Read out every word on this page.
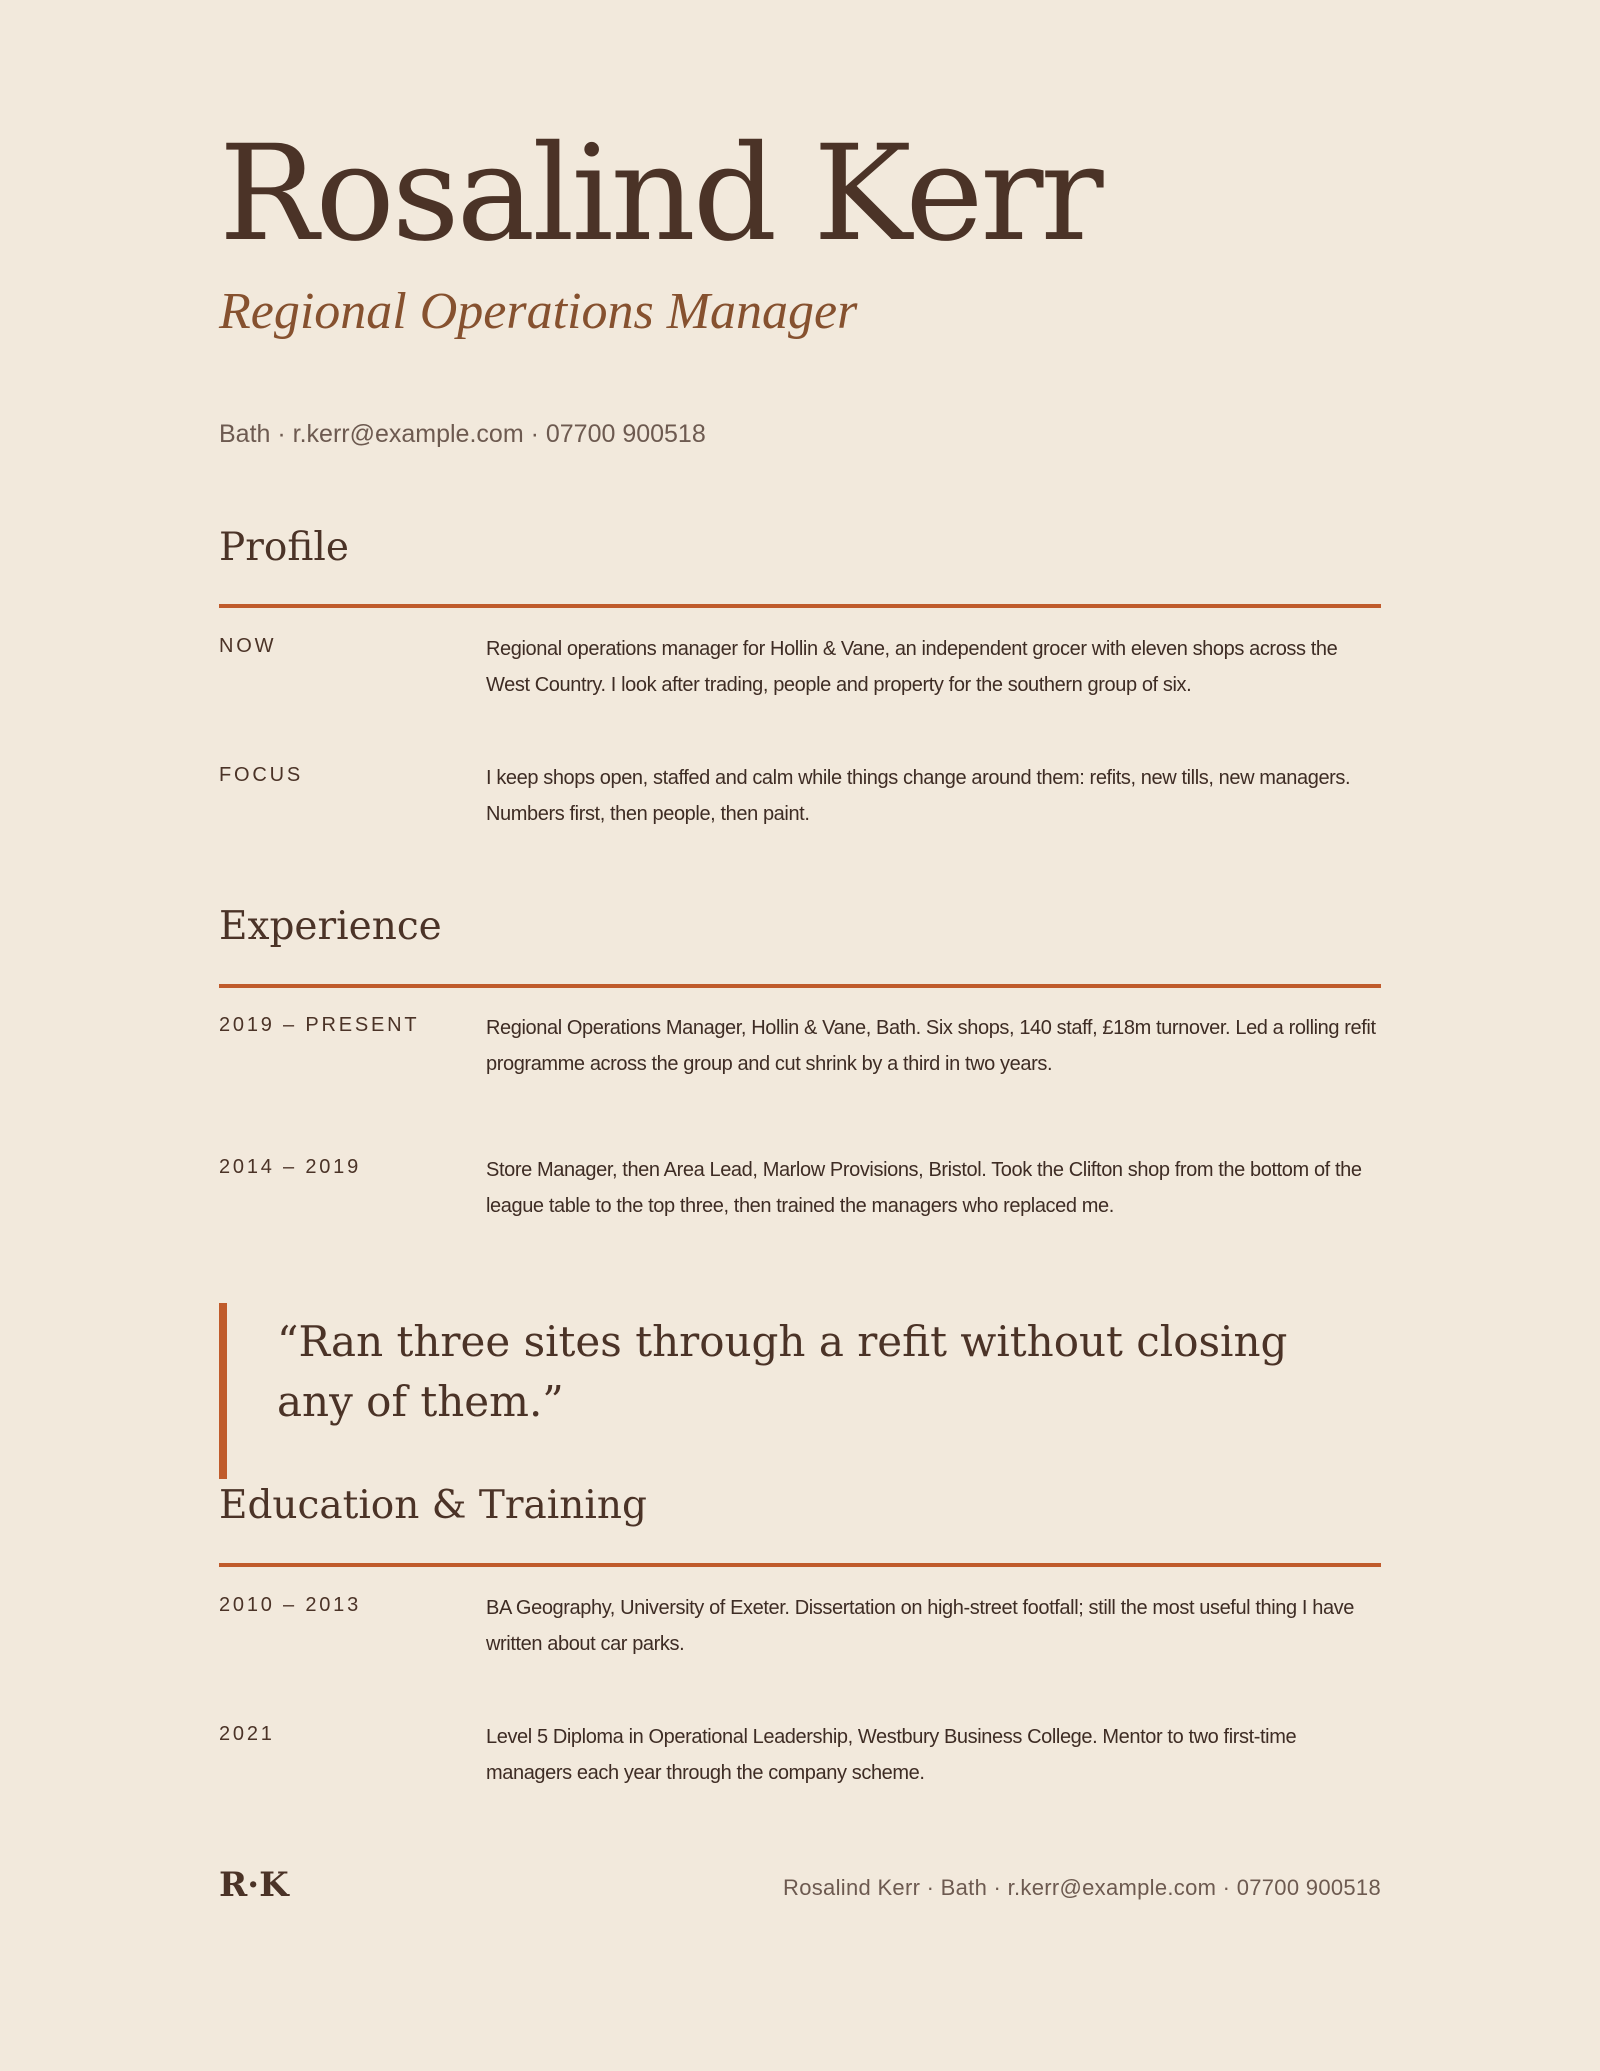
Rosalind Kerr
Regional Operations Manager
Bath · r.kerr@example.com · 07700 900518
Profile
NOW	Regional operations manager for Hollin & Vane, an independent grocer with eleven shops across the West Country. I look after trading, people and property for the southern group of six.
FOCUS	I keep shops open, staffed and calm while things change around them: refits, new tills, new managers. Numbers first, then people, then paint.
Experience
2019 – PRESENT	Regional Operations Manager, Hollin & Vane, Bath. Six shops, 140 staff, £18m turnover. Led a rolling refit programme across the group and cut shrink by a third in two years.
2014 – 2019	Store Manager, then Area Lead, Marlow Provisions, Bristol. Took the Clifton shop from the bottom of the league table to the top three, then trained the managers who replaced me.
“Ran three sites through a refit without closing any of them.”
Education & Training
2010 – 2013	BA Geography, University of Exeter. Dissertation on high-street footfall; still the most useful thing I have written about car parks.
2021	Level 5 Diploma in Operational Leadership, Westbury Business College. Mentor to two first-time managers each year through the company scheme.
R·K	Rosalind Kerr · Bath · r.kerr@example.com · 07700 900518
